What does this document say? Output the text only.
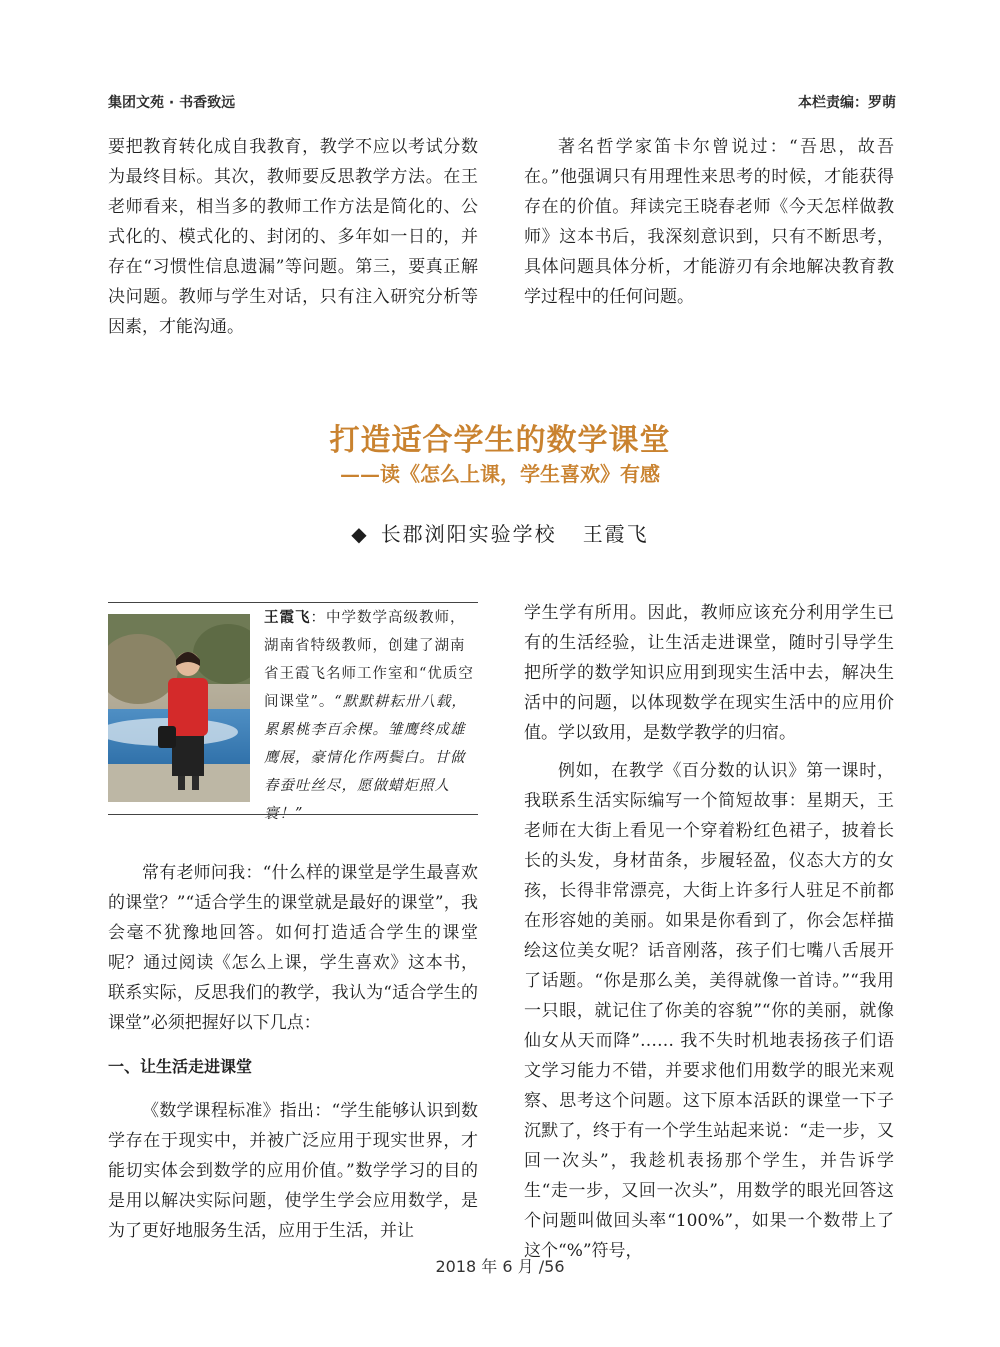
集团文苑 · 书香致远	本栏责编：罗萌

要把教育转化成自我教育，教学不应以考试分数为最终目标。其次，教师要反思教学方法。在王老师看来，相当多的教师工作方法是简化的、公式化的、模式化的、封闭的、多年如一日的，并存在“习惯性信息遗漏”等问题。第三，要真正解决问题。教师与学生对话，只有注入研究分析等因素，才能沟通。

著名哲学家笛卡尔曾说过：“吾思，故吾在。”他强调只有用理性来思考的时候，才能获得存在的价值。拜读完王晓春老师《今天怎样做教师》这本书后，我深刻意识到，只有不断思考，具体问题具体分析，才能游刃有余地解决教育教学过程中的任何问题。

打造适合学生的数学课堂
——读《怎么上课，学生喜欢》有感
◆ 长郡浏阳实验学校 王霞飞
王霞飞：中学数学高级教师，湖南省特级教师，创建了湖南省王霞飞名师工作室和“优质空间课堂”。“默默耕耘卅八载，累累桃李百余棵。雏鹰终成雄鹰展，豪情化作两鬓白。甘做春蚕吐丝尽，愿做蜡炬照人寰！”

常有老师问我：“什么样的课堂是学生最喜欢的课堂？”“适合学生的课堂就是最好的课堂”，我会毫不犹豫地回答。如何打造适合学生的课堂呢？通过阅读《怎么上课，学生喜欢》这本书，联系实际，反思我们的教学，我认为“适合学生的课堂”必须把握好以下几点：

一、让生活走进课堂

《数学课程标准》指出：“学生能够认识到数学存在于现实中，并被广泛应用于现实世界，才能切实体会到数学的应用价值。”数学学习的目的是用以解决实际问题，使学生学会应用数学，是为了更好地服务生活，应用于生活，并让

学生学有所用。因此，教师应该充分利用学生已有的生活经验，让生活走进课堂，随时引导学生把所学的数学知识应用到现实生活中去，解决生活中的问题，以体现数学在现实生活中的应用价值。学以致用，是数学教学的归宿。

例如，在教学《百分数的认识》第一课时，我联系生活实际编写一个简短故事：星期天，王老师在大街上看见一个穿着粉红色裙子，披着长长的头发，身材苗条，步履轻盈，仪态大方的女孩，长得非常漂亮，大街上许多行人驻足不前都在形容她的美丽。如果是你看到了，你会怎样描绘这位美女呢？话音刚落，孩子们七嘴八舌展开了话题。“你是那么美，美得就像一首诗。”“我用一只眼，就记住了你美的容貌”“你的美丽，就像仙女从天而降”…… 我不失时机地表扬孩子们语文学习能力不错，并要求他们用数学的眼光来观察、思考这个问题。这下原本活跃的课堂一下子沉默了，终于有一个学生站起来说：“走一步，又回一次头”，我趁机表扬那个学生，并告诉学生“走一步，又回一次头”，用数学的眼光回答这个问题叫做回头率“100%”，如果一个数带上了这个“%”符号，

2018 年 6 月 /56
